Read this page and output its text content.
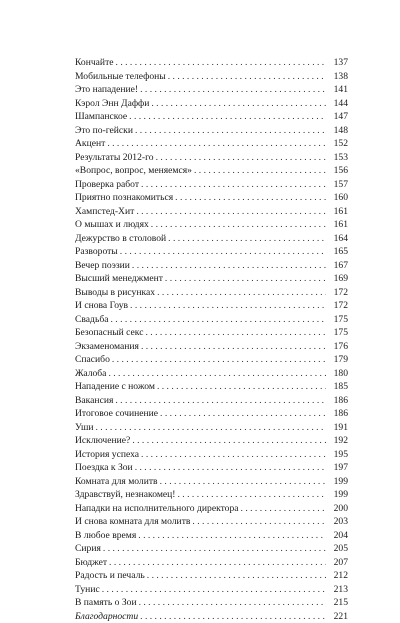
Кончайте . . .	137
Мобильные телефоны . . .	138
Это нападение! . . .	141
Кэрол Энн Даффи . . .	144
Шампанское . . .	147
Это по-гейски . . .	148
Акцент . . .	152
Результаты 2012-го . . .	153
«Вопрос, вопрос, меняемся» . . .	156
Проверка работ . . .	157
Приятно познакомиться . . .	160
Хампстед-Хит . . .	161
О мышах и людях . . .	161
Дежурство в столовой . . .	164
Развороты . . .	165
Вечер поэзии . . .	167
Высший менеджмент . . .	169
Выводы в рисунках . . .	172
И снова Гоув . . .	172
Свадьба . . .	175
Безопасный секс . . .	175
Экзаменомания . . .	176
Спасибо . . .	179
Жалоба . . .	180
Нападение с ножом . . .	185
Вакансия . . .	186
Итоговое сочинение . . .	186
Уши . . .	191
Исключение? . . .	192
История успеха . . .	195
Поездка к Зои . . .	197
Комната для молитв . . .	199
Здравствуй, незнакомец! . . .	199
Нападки на исполнительного директора . . .	200
И снова комната для молитв . . .	203
В любое время . . .	204
Сирия . . .	205
Бюджет . . .	207
Радость и печаль . . .	212
Тунис . . .	213
В память о Зои . . .	215
Благодарности . . .	221
